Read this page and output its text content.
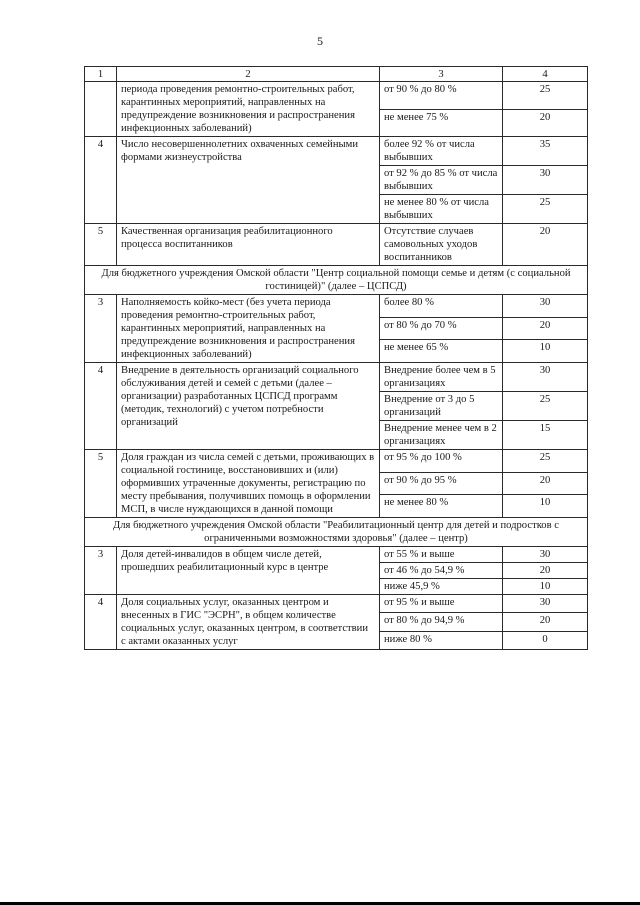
5
1	2	3	4
	периода проведения ремонтно-строительных работ, карантинных мероприятий, направленных на предупреждение возникновения и распространения инфекционных заболеваний)	от 90 % до 80 %	25
		не менее 75 %	20
4	Число несовершеннолетних охваченных семейными формами жизнеустройства	более 92 % от числа выбывших	35
		от 92 % до 85 % от числа выбывших	30
		не менее 80 % от числа выбывших	25
5	Качественная организация реабилитационного процесса воспитанников	Отсутствие случаев самовольных уходов воспитанников	20
Для бюджетного учреждения Омской области "Центр социальной помощи семье и детям (с социальной гостиницей)" (далее – ЦСПСД)			
3	Наполняемость койко-мест (без учета периода проведения ремонтно-строительных работ, карантинных мероприятий, направленных на предупреждение возникновения и распространения инфекционных заболеваний)	более 80 %	30
		от 80 % до 70 %	20
		не менее 65 %	10
4	Внедрение в деятельность организаций социального обслуживания детей и семей с детьми (далее – организации) разработанных ЦСПСД программ (методик, технологий) с учетом потребности организаций	Внедрение более чем в 5 организациях	30
		Внедрение от 3 до 5 организаций	25
		Внедрение менее чем в 2 организациях	15
5	Доля граждан из числа семей с детьми, проживающих в социальной гостинице, восстановивших и (или) оформивших утраченные документы, регистрацию по месту пребывания, получивших помощь в оформлении МСП, в числе нуждающихся в данной помощи	от 95 % до 100 %	25
		от 90 % до 95 %	20
		не менее 80 %	10
Для бюджетного учреждения Омской области "Реабилитационный центр для детей и подростков с ограниченными возможностями здоровья" (далее – центр)			
3	Доля детей-инвалидов в общем числе детей, прошедших реабилитационный курс в центре	от 55 % и выше	30
		от 46 % до 54,9 %	20
		ниже 45,9 %	10
4	Доля социальных услуг, оказанных центром и внесенных в ГИС "ЭСРН", в общем количестве социальных услуг, оказанных центром, в соответствии с актами оказанных услуг	от 95 % и выше	30
		от 80 % до 94,9 %	20
		ниже 80 %	0
